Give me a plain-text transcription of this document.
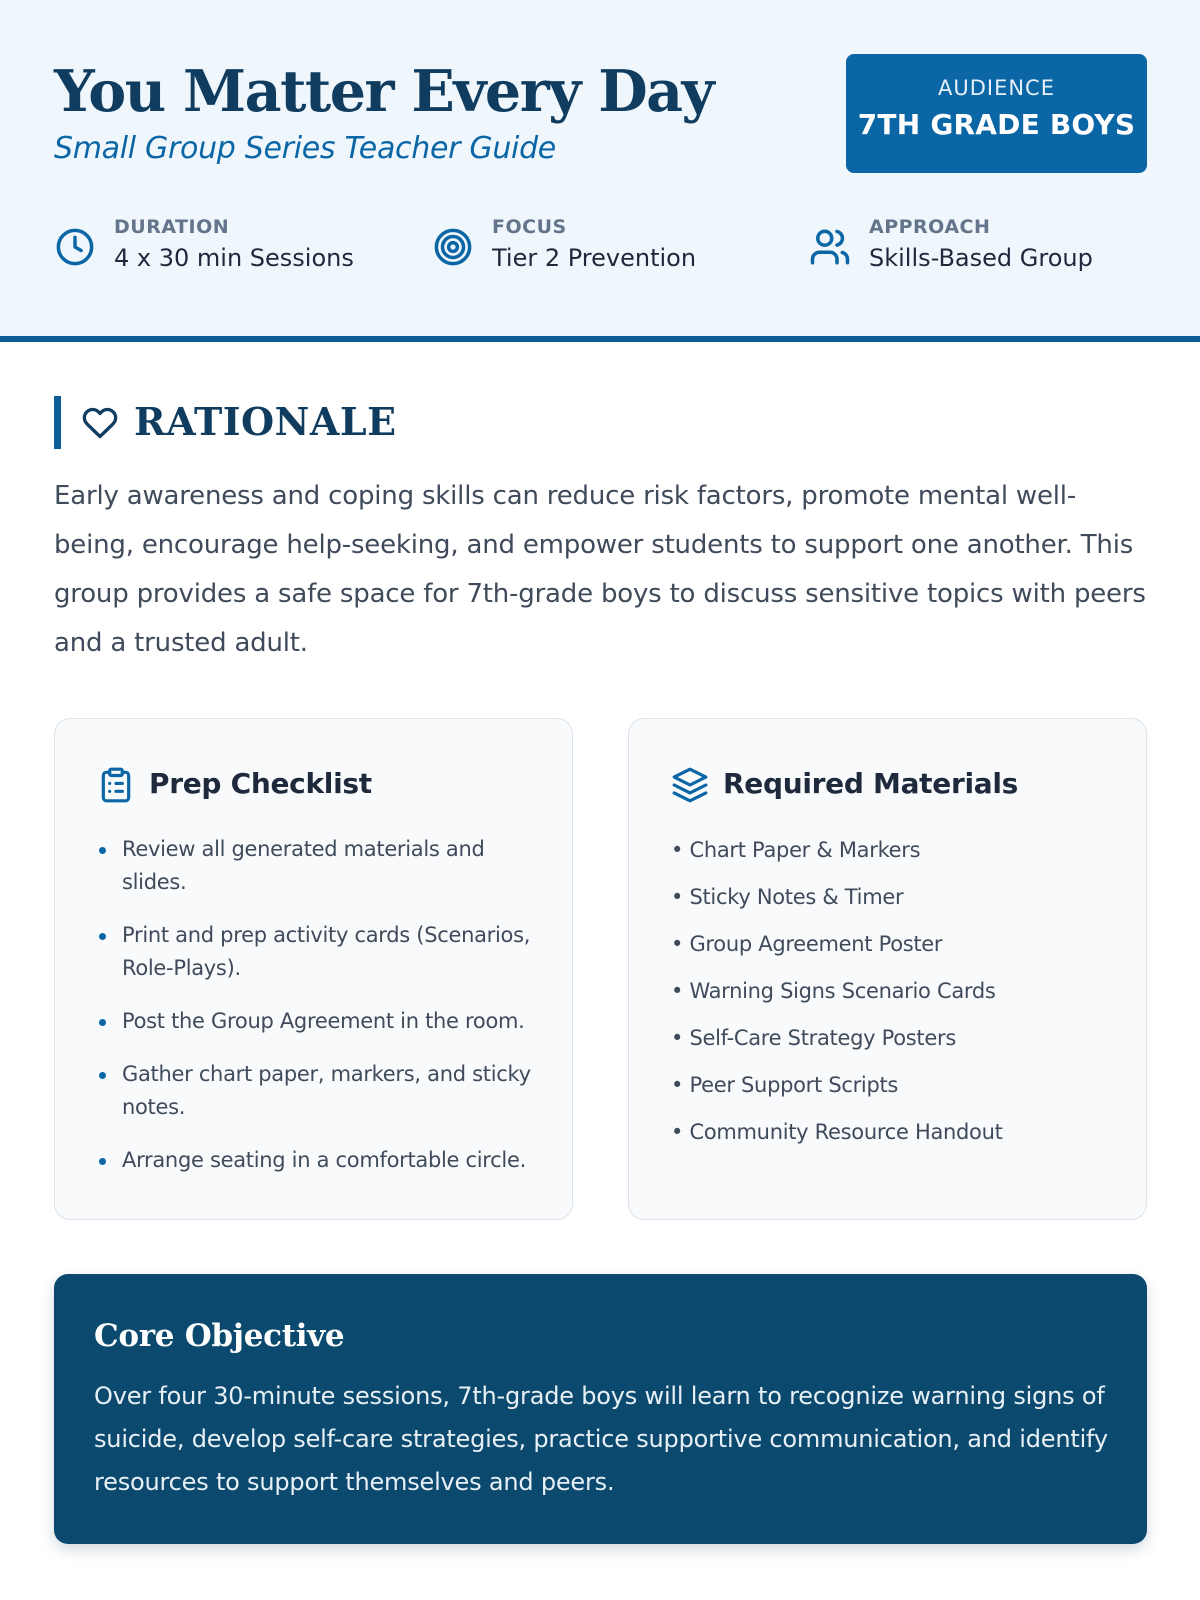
You Matter Every Day
Small Group Series Teacher Guide
AUDIENCE
7TH GRADE BOYS
DURATION
4 x 30 min Sessions
FOCUS
Tier 2 Prevention
APPROACH
Skills-Based Group
RATIONALE

Early awareness and coping skills can reduce risk factors, promote mental well-being, encourage help-seeking, and empower students to support one another. This group provides a safe space for 7th-grade boys to discuss sensitive topics with peers and a trusted adult.

Prep Checklist
Review all generated materials and slides.
Print and prep activity cards (Scenarios, Role-Plays).
Post the Group Agreement in the room.
Gather chart paper, markers, and sticky notes.
Arrange seating in a comfortable circle.
Required Materials
• Chart Paper & Markers
• Sticky Notes & Timer
• Group Agreement Poster
• Warning Signs Scenario Cards
• Self-Care Strategy Posters
• Peer Support Scripts
• Community Resource Handout
Core Objective

Over four 30-minute sessions, 7th-grade boys will learn to recognize warning signs of suicide, develop self-care strategies, practice supportive communication, and identify resources to support themselves and peers.
